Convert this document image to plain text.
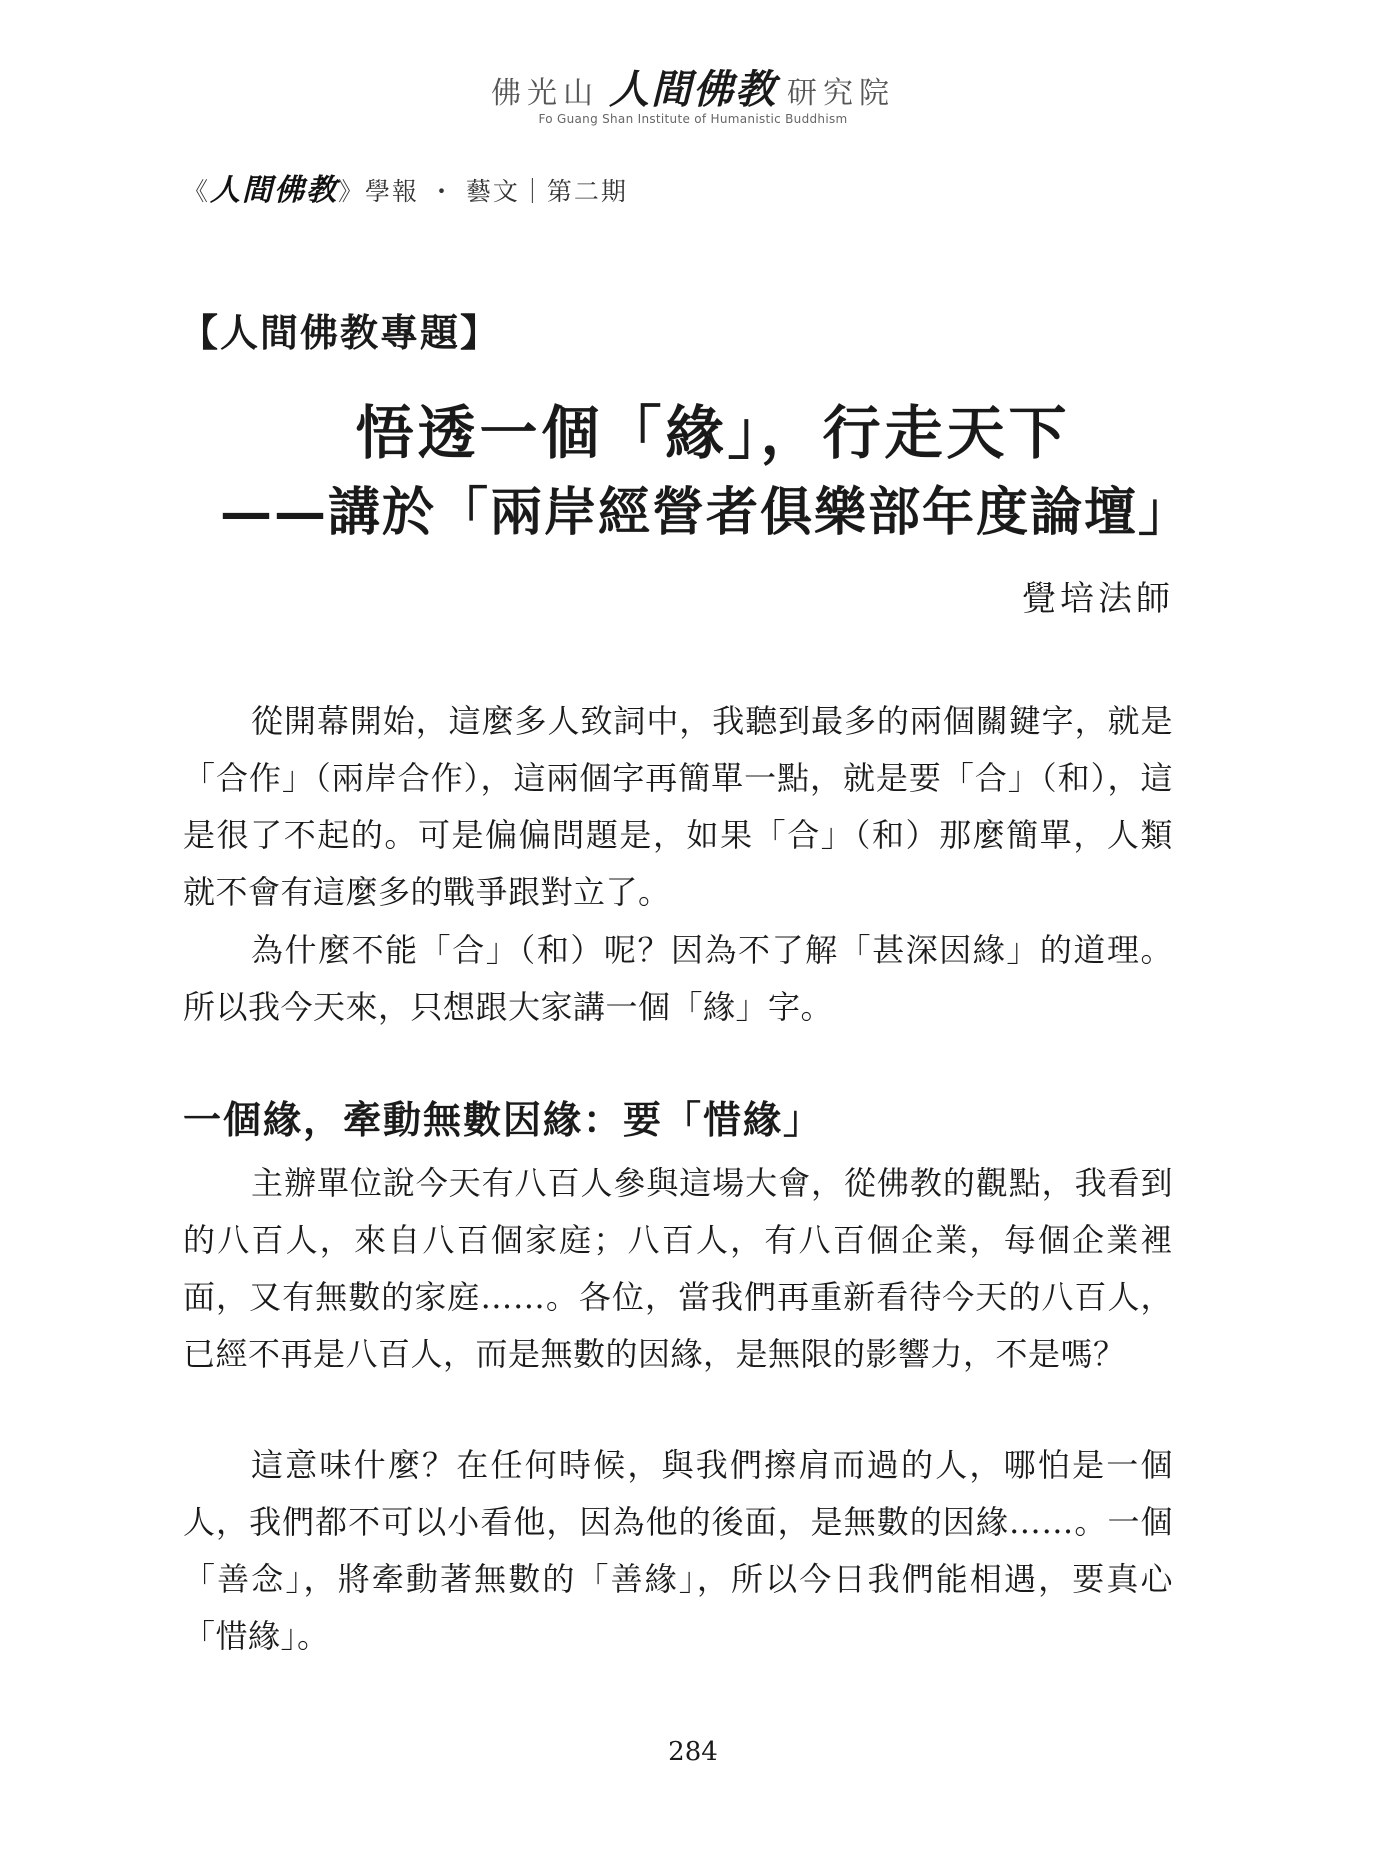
佛光山 人間佛教 研究院
Fo Guang Shan Institute of Humanistic Buddhism
《人間佛教》學報 ・ 藝文｜第二期
【人間佛教專題】
悟透一個「緣」，行走天下
——講於「兩岸經營者俱樂部年度論壇」
覺培法師

從開幕開始，這麼多人致詞中，我聽到最多的兩個關鍵字，就是「合作」（兩岸合作），這兩個字再簡單一點，就是要「合」（和），這是很了不起的。可是偏偏問題是，如果「合」（和）那麼簡單，人類就不會有這麼多的戰爭跟對立了。

為什麼不能「合」（和）呢？因為不了解「甚深因緣」的道理。所以我今天來，只想跟大家講一個「緣」字。

一個緣，牽動無數因緣：要「惜緣」

主辦單位說今天有八百人參與這場大會，從佛教的觀點，我看到的八百人，來自八百個家庭；八百人，有八百個企業，每個企業裡面，又有無數的家庭……。各位，當我們再重新看待今天的八百人，已經不再是八百人，而是無數的因緣，是無限的影響力，不是嗎？

這意味什麼？在任何時候，與我們擦肩而過的人，哪怕是一個人，我們都不可以小看他，因為他的後面，是無數的因緣……。一個「善念」，將牽動著無數的「善緣」，所以今日我們能相遇，要真心「惜緣」。

284
